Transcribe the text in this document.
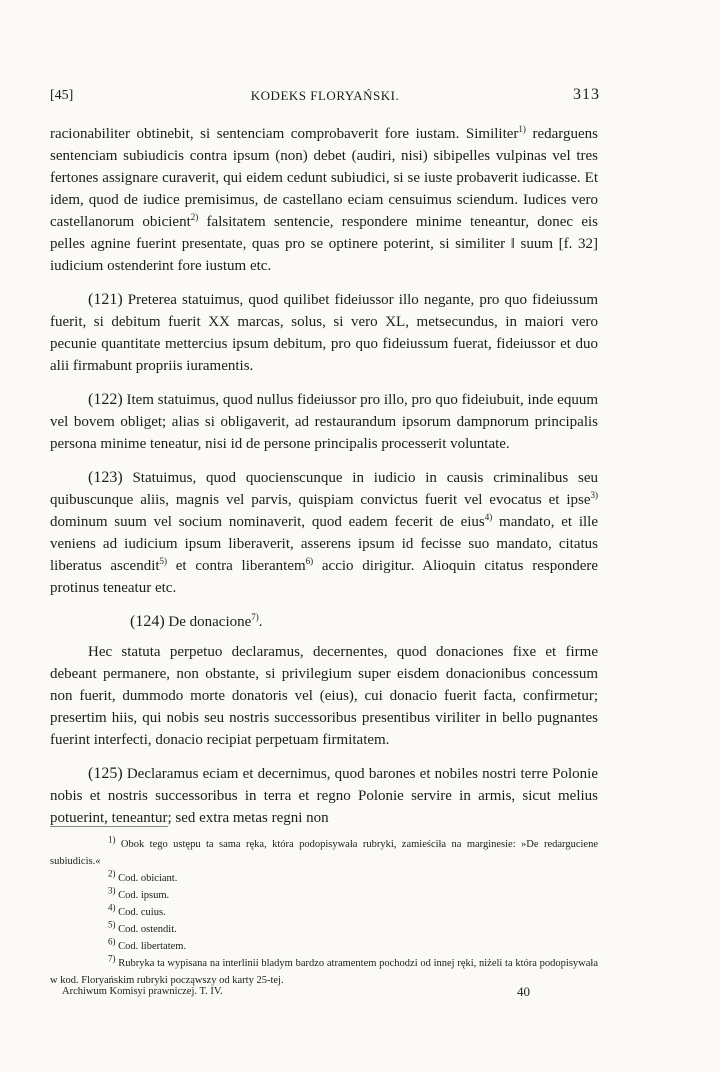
[45]	KODEKS FLORYAŃSKI.	313

racionabiliter obtinebit, si sentenciam comprobaverit fore iustam. Similiter$^{1)}$ redarguens sentenciam subiudicis contra ipsum (non) debet (audiri, nisi) sibipelles vulpinas vel tres fertones assignare curaverit, qui eidem cedunt subiudici, si se iuste probaverit iudicasse. Et idem, quod de iudice premisimus, de castellano eciam censuimus sciendum. Iudices vero castellanorum obicient$^{2)}$ falsitatem sentencie, respondere minime teneantur, donec eis pelles agnine fuerint presentate, quas pro se optinere poterint, si similiter ‖ suum [f. 32] iudicium ostenderint fore iustum etc.

(121) Preterea statuimus, quod quilibet fideiussor illo negante, pro quo fideiussum fuerit, si debitum fuerit XX marcas, solus, si vero XL, metsecundus, in maiori vero pecunie quantitate mettercius ipsum debitum, pro quo fideiussum fuerat, fideiussor et duo alii firmabunt propriis iuramentis.

(122) Item statuimus, quod nullus fideiussor pro illo, pro quo fideiubuit, inde equum vel bovem obliget; alias si obligaverit, ad restaurandum ipsorum dampnorum principalis persona minime teneatur, nisi id de persone principalis processerit voluntate.

(123) Statuimus, quod quocienscunque in iudicio in causis criminalibus seu quibuscunque aliis, magnis vel parvis, quispiam convictus fuerit vel evocatus et ipse$^{3)}$ dominum suum vel socium nominaverit, quod eadem fecerit de eius$^{4)}$ mandato, et ille veniens ad iudicium ipsum liberaverit, asserens ipsum id fecisse suo mandato, citatus liberatus ascendit$^{5)}$ et contra liberantem$^{6)}$ accio dirigitur. Alioquin citatus respondere protinus teneatur etc.

(124) De donacione$^{7)}$.

Hec statuta perpetuo declaramus, decernentes, quod donaciones fixe et firme debeant permanere, non obstante, si privilegium super eisdem donacionibus concessum non fuerit, dummodo morte donatoris vel (eius), cui donacio fuerit facta, confirmetur; presertim hiis, qui nobis seu nostris successoribus presentibus viriliter in bello pugnantes fuerint interfecti, donacio recipiat perpetuam firmitatem.

(125) Declaramus eciam et decernimus, quod barones et nobiles nostri terre Polonie nobis et nostris successoribus in terra et regno Polonie servire in armis, sicut melius potuerint, teneantur; sed extra metas regni non

$^{1)}$ Obok tego ustępu ta sama ręka, która podopisywała rubryki, zamieściła na marginesie: »De redarguciene subiudicis.«

$^{2)}$ Cod. obiciant.

$^{3)}$ Cod. ipsum.

$^{4)}$ Cod. cuius.

$^{5)}$ Cod. ostendit.

$^{6)}$ Cod. libertatem.

$^{7)}$ Rubryka ta wypisana na interlinii bladym bardzo atramentem pochodzi od innej ręki, niżeli ta która podopisywała w kod. Floryańskim rubryki począwszy od karty 25-tej.

Archiwum Komisyi prawniczej. T. IV.	40
